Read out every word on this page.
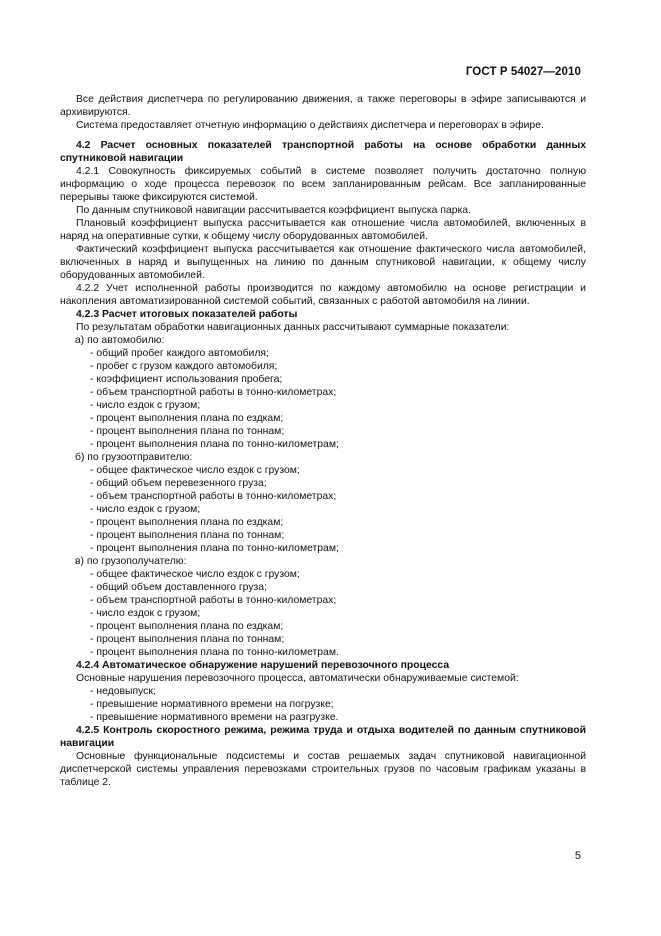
ГОСТ Р 54027—2010

Все действия диспетчера по регулированию движения, а также переговоры в эфире записываются и архивируются.

Система предоставляет отчетную информацию о действиях диспетчера и переговорах в эфире.

4.2 Расчет основных показателей транспортной работы на основе обработки данных спутниковой навигации

4.2.1 Совокупность фиксируемых событий в системе позволяет получить достаточно полную информацию о ходе процесса перевозок по всем запланированным рейсам. Все запланированные перерывы также фиксируются системой.

По данным спутниковой навигации рассчитывается коэффициент выпуска парка.

Плановый коэффициент выпуска рассчитывается как отношение числа автомобилей, включенных в наряд на оперативные сутки, к общему числу оборудованных автомобилей.

Фактический коэффициент выпуска рассчитывается как отношение фактического числа автомобилей, включенных в наряд и выпущенных на линию по данным спутниковой навигации, к общему числу оборудованных автомобилей.

4.2.2 Учет исполненной работы производится по каждому автомобилю на основе регистрации и накопления автоматизированной системой событий, связанных с работой автомобиля на линии.

4.2.3 Расчет итоговых показателей работы

По результатам обработки навигационных данных рассчитывают суммарные показатели:

а) по автомобилю:

- общий пробег каждого автомобиля;

- пробег с грузом каждого автомобиля;

- коэффициент использования пробега;

- объем транспортной работы в тонно-километрах;

- число ездок с грузом;

- процент выполнения плана по ездкам;

- процент выполнения плана по тоннам;

- процент выполнения плана по тонно-километрам;

б) по грузоотправителю:

- общее фактическое число ездок с грузом;

- общий объем перевезенного груза;

- объем транспортной работы в тонно-километрах;

- число ездок с грузом;

- процент выполнения плана по ездкам;

- процент выполнения плана по тоннам;

- процент выполнения плана по тонно-километрам;

в) по грузополучателю:

- общее фактическое число ездок с грузом;

- общий объем доставленного груза;

- объем транспортной работы в тонно-километрах;

- число ездок с грузом;

- процент выполнения плана по ездкам;

- процент выполнения плана по тоннам;

- процент выполнения плана по тонно-километрам.

4.2.4 Автоматическое обнаружение нарушений перевозочного процесса

Основные нарушения перевозочного процесса, автоматически обнаруживаемые системой:

- недовыпуск;

- превышение нормативного времени на погрузке;

- превышение нормативного времени на разгрузке.

4.2.5 Контроль скоростного режима, режима труда и отдыха водителей по данным спутниковой навигации

Основные функциональные подсистемы и состав решаемых задач спутниковой навигационной диспетчерской системы управления перевозками строительных грузов по часовым графикам указаны в таблице 2.

5
